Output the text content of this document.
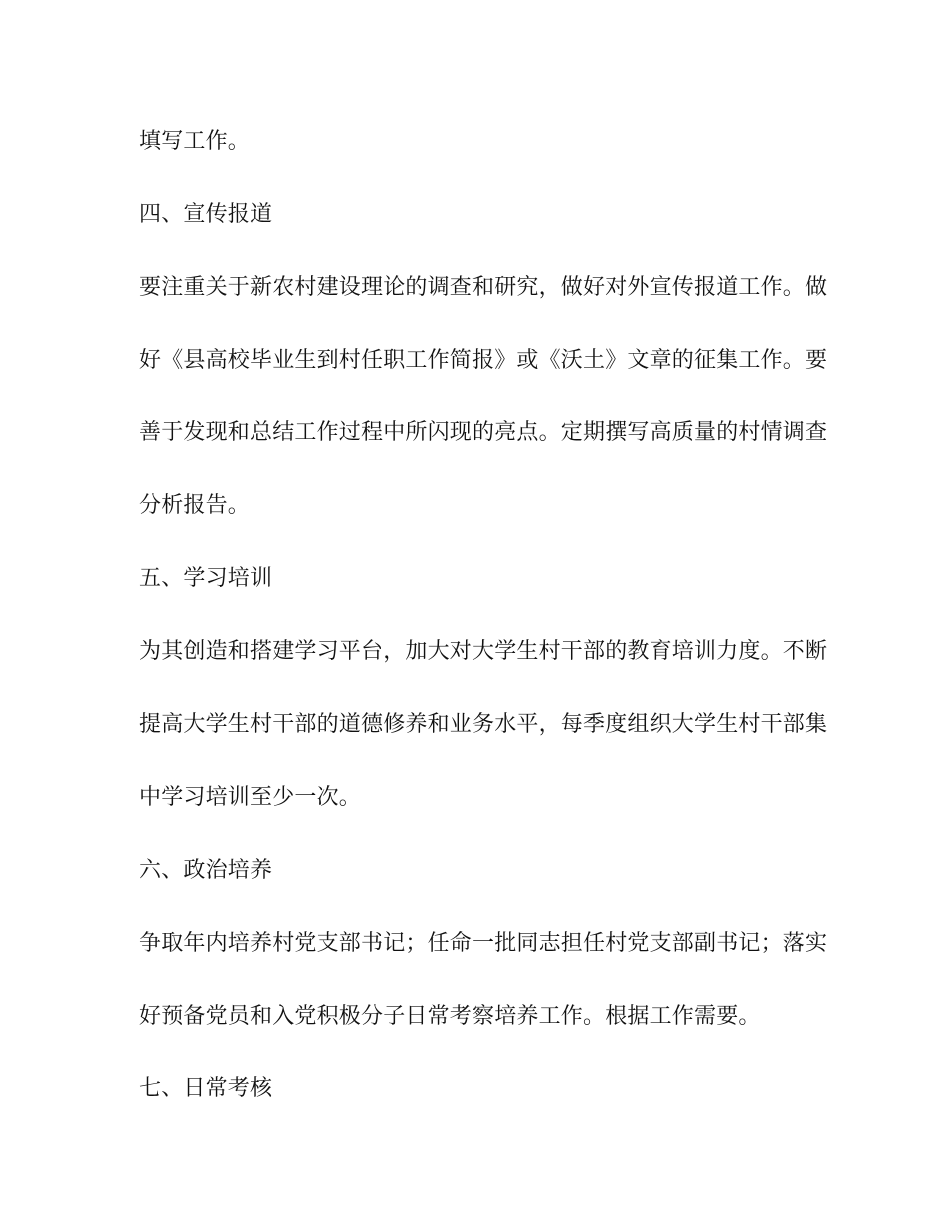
填写工作。
四、宣传报道
要注重关于新农村建设理论的调查和研究，做好对外宣传报道工作。做
好《县高校毕业生到村任职工作简报》或《沃土》文章的征集工作。要
善于发现和总结工作过程中所闪现的亮点。定期撰写高质量的村情调查
分析报告。
五、学习培训
为其创造和搭建学习平台，加大对大学生村干部的教育培训力度。不断
提高大学生村干部的道德修养和业务水平，每季度组织大学生村干部集
中学习培训至少一次。
六、政治培养
争取年内培养村党支部书记；任命一批同志担任村党支部副书记；落实
好预备党员和入党积极分子日常考察培养工作。根据工作需要。
七、日常考核
